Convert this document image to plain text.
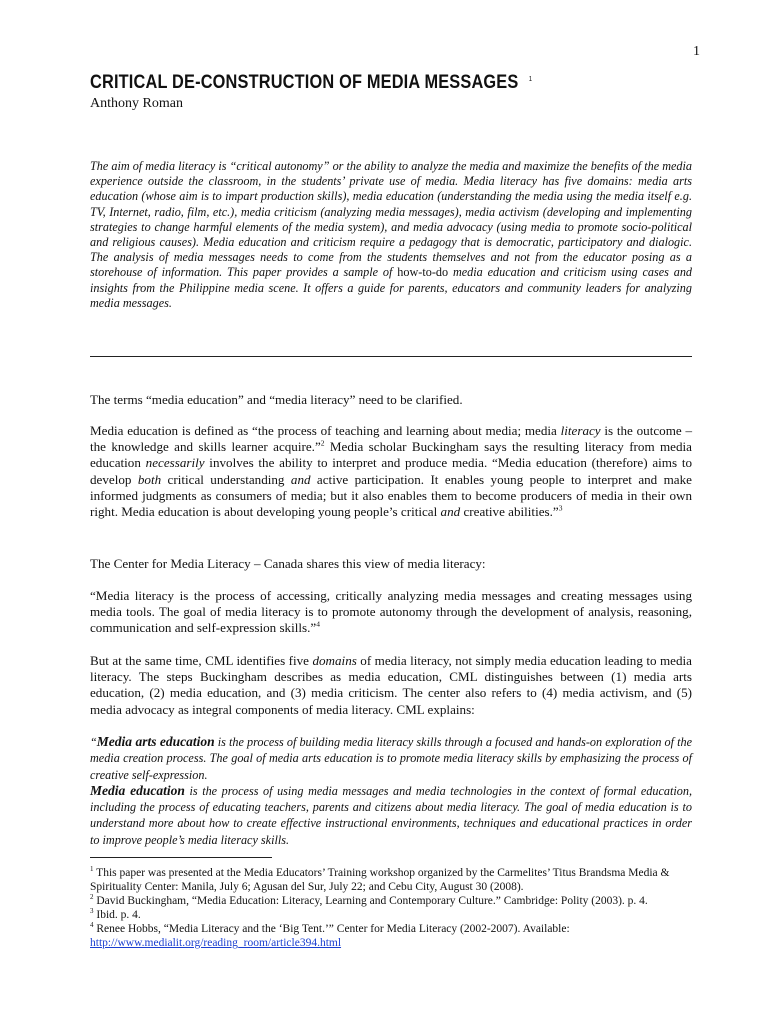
1
CRITICAL DE-CONSTRUCTION OF MEDIA MESSAGES $^1$
Anthony Roman
The aim of media literacy is “critical autonomy” or the ability to analyze the media and maximize the benefits of the media experience outside the classroom, in the students’ private use of media. Media literacy has five domains: media arts education (whose aim is to impart production skills), media education (understanding the media using the media itself e.g. TV, Internet, radio, film, etc.), media criticism (analyzing media messages), media activism (developing and implementing strategies to change harmful elements of the media system), and media advocacy (using media to promote socio-political and religious causes). Media education and criticism require a pedagogy that is democratic, participatory and dialogic. The analysis of media messages needs to come from the students themselves and not from the educator posing as a storehouse of information. This paper provides a sample of how-to-do media education and criticism using cases and insights from the Philippine media scene. It offers a guide for parents, educators and community leaders for analyzing media messages.
The terms “media education” and “media literacy” need to be clarified.
Media education is defined as “the process of teaching and learning about media; media literacy is the outcome – the knowledge and skills learner acquire.”$^2$ Media scholar Buckingham says the resulting literacy from media education necessarily involves the ability to interpret and produce media. “Media education (therefore) aims to develop both critical understanding and active participation. It enables young people to interpret and make informed judgments as consumers of media; but it also enables them to become producers of media in their own right. Media education is about developing young people’s critical and creative abilities.”$^3$
The Center for Media Literacy – Canada shares this view of media literacy:
“Media literacy is the process of accessing, critically analyzing media messages and creating messages using media tools. The goal of media literacy is to promote autonomy through the development of analysis, reasoning, communication and self-expression skills.”$^4$
But at the same time, CML identifies five domains of media literacy, not simply media education leading to media literacy. The steps Buckingham describes as media education, CML distinguishes between (1) media arts education, (2) media education, and (3) media criticism. The center also refers to (4) media activism, and (5) media advocacy as integral components of media literacy. CML explains:
“Media arts education is the process of building media literacy skills through a focused and hands-on exploration of the media creation process. The goal of media arts education is to promote media literacy skills by emphasizing the process of creative self-expression.
Media education is the process of using media messages and media technologies in the context of formal education, including the process of educating teachers, parents and citizens about media literacy. The goal of media education is to understand more about how to create effective instructional environments, techniques and educational practices in order to improve people’s media literacy skills.

$^1$ This paper was presented at the Media Educators’ Training workshop organized by the Carmelites’ Titus Brandsma Media & Spirituality Center: Manila, July 6; Agusan del Sur, July 22; and Cebu City, August 30 (2008).

$^2$ David Buckingham, “Media Education: Literacy, Learning and Contemporary Culture.” Cambridge: Polity (2003). p. 4.

$^3$ Ibid. p. 4.

$^4$ Renee Hobbs, “Media Literacy and the ‘Big Tent.’” Center for Media Literacy (2002-2007). Available:
http://www.medialit.org/reading_room/article394.html
